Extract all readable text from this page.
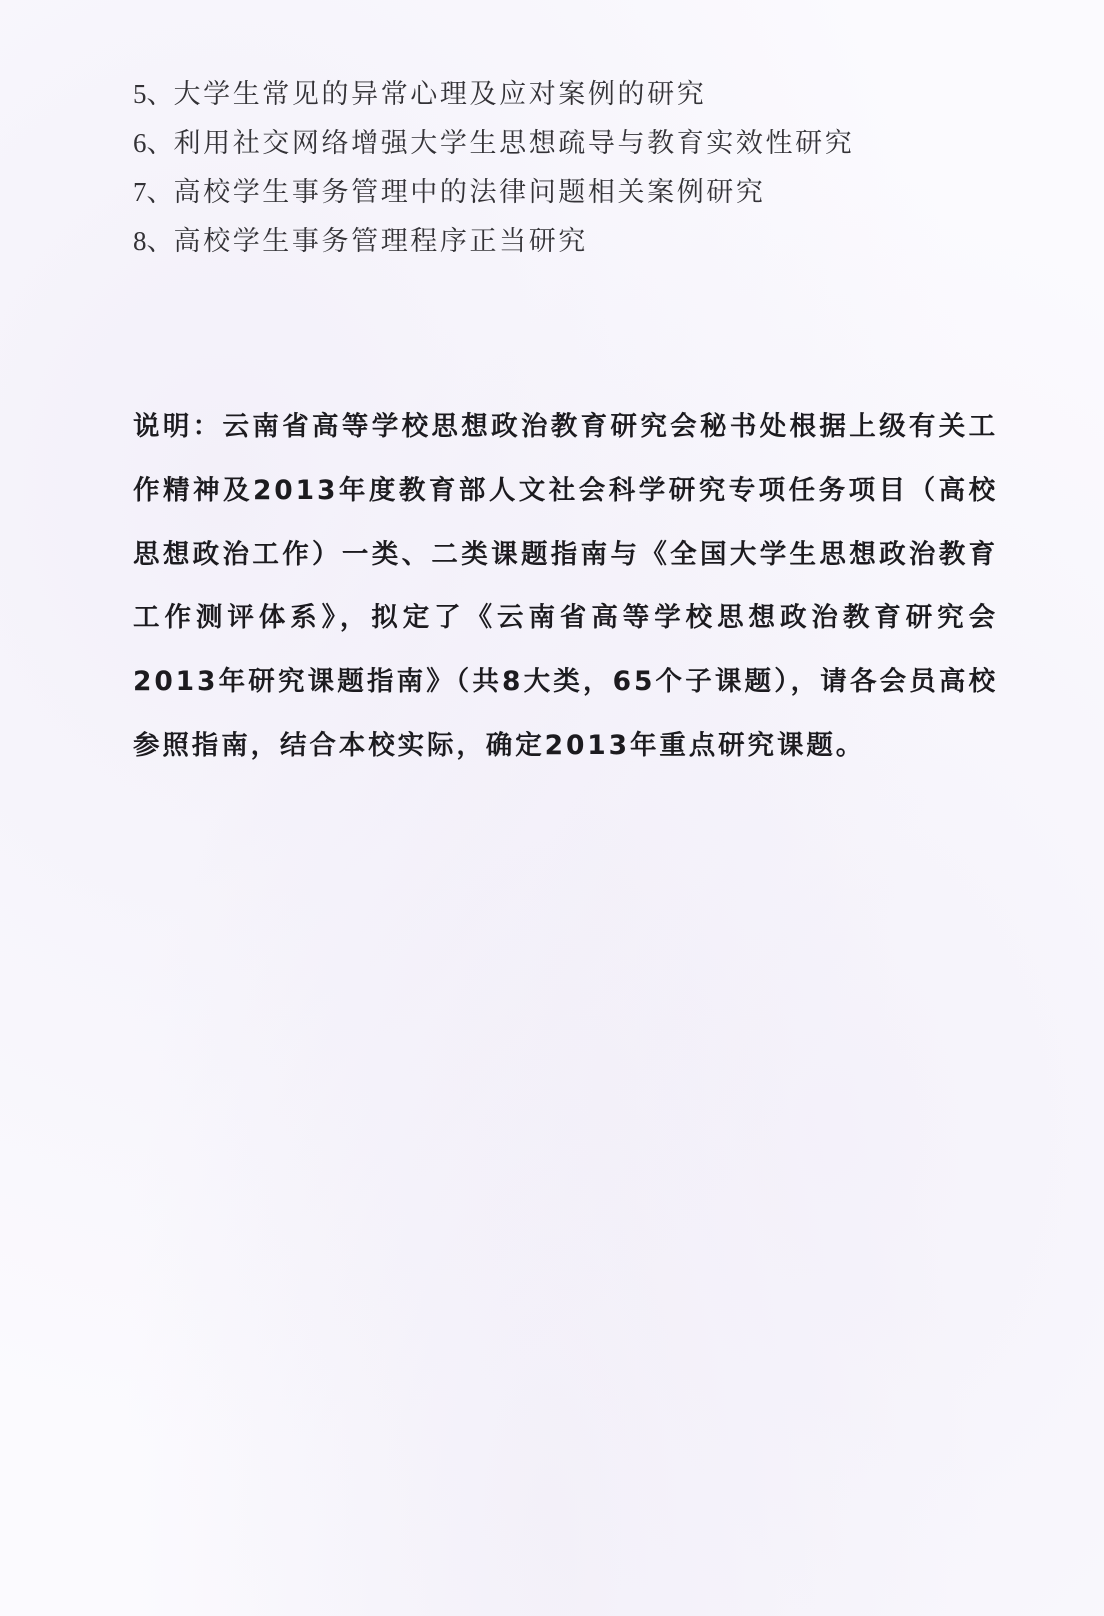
5、大学生常见的异常心理及应对案例的研究
6、利用社交网络增强大学生思想疏导与教育实效性研究
7、高校学生事务管理中的法律问题相关案例研究
8、高校学生事务管理程序正当研究

说明：云南省高等学校思想政治教育研究会秘书处根据上级有关工作精神及2013年度教育部人文社会科学研究专项任务项目（高校思想政治工作）一类、二类课题指南与《全国大学生思想政治教育工作测评体系》，拟定了《云南省高等学校思想政治教育研究会2013年研究课题指南》（共8大类，65个子课题），请各会员高校参照指南，结合本校实际，确定2013年重点研究课题。
